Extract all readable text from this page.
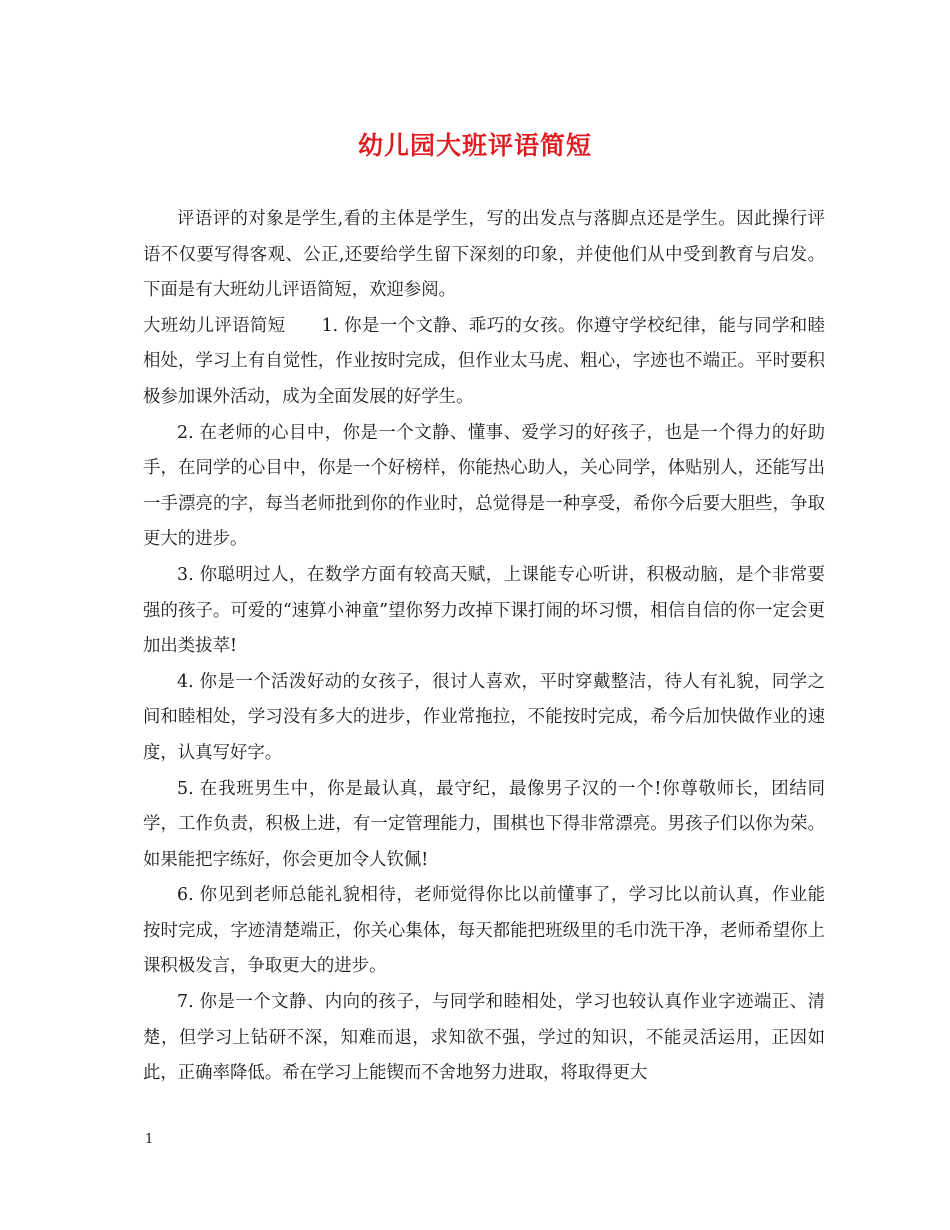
幼儿园大班评语简短

评语评的对象是学生,看的主体是学生，写的出发点与落脚点还是学生。因此操行评语不仅要写得客观、公正,还要给学生留下深刻的印象，并使他们从中受到教育与启发。下面是有大班幼儿评语简短，欢迎参阅。

大班幼儿评语简短 1. 你是一个文静、乖巧的女孩。你遵守学校纪律，能与同学和睦相处，学习上有自觉性，作业按时完成，但作业太马虎、粗心，字迹也不端正。平时要积极参加课外活动，成为全面发展的好学生。

2. 在老师的心目中，你是一个文静、懂事、爱学习的好孩子，也是一个得力的好助手，在同学的心目中，你是一个好榜样，你能热心助人，关心同学，体贴别人，还能写出一手漂亮的字，每当老师批到你的作业时，总觉得是一种享受，希你今后要大胆些，争取更大的进步。

3. 你聪明过人，在数学方面有较高天赋，上课能专心听讲，积极动脑，是个非常要强的孩子。可爱的“速算小神童”望你努力改掉下课打闹的坏习惯，相信自信的你一定会更加出类拔萃!

4. 你是一个活泼好动的女孩子，很讨人喜欢，平时穿戴整洁，待人有礼貌，同学之间和睦相处，学习没有多大的进步，作业常拖拉，不能按时完成，希今后加快做作业的速度，认真写好字。

5. 在我班男生中，你是最认真，最守纪，最像男子汉的一个!你尊敬师长，团结同学，工作负责，积极上进，有一定管理能力，围棋也下得非常漂亮。男孩子们以你为荣。如果能把字练好，你会更加令人钦佩!

6. 你见到老师总能礼貌相待，老师觉得你比以前懂事了，学习比以前认真，作业能按时完成，字迹清楚端正，你关心集体，每天都能把班级里的毛巾洗干净，老师希望你上课积极发言，争取更大的进步。

7. 你是一个文静、内向的孩子，与同学和睦相处，学习也较认真作业字迹端正、清楚，但学习上钻研不深，知难而退，求知欲不强，学过的知识，不能灵活运用，正因如此，正确率降低。希在学习上能锲而不舍地努力进取，将取得更大

1
